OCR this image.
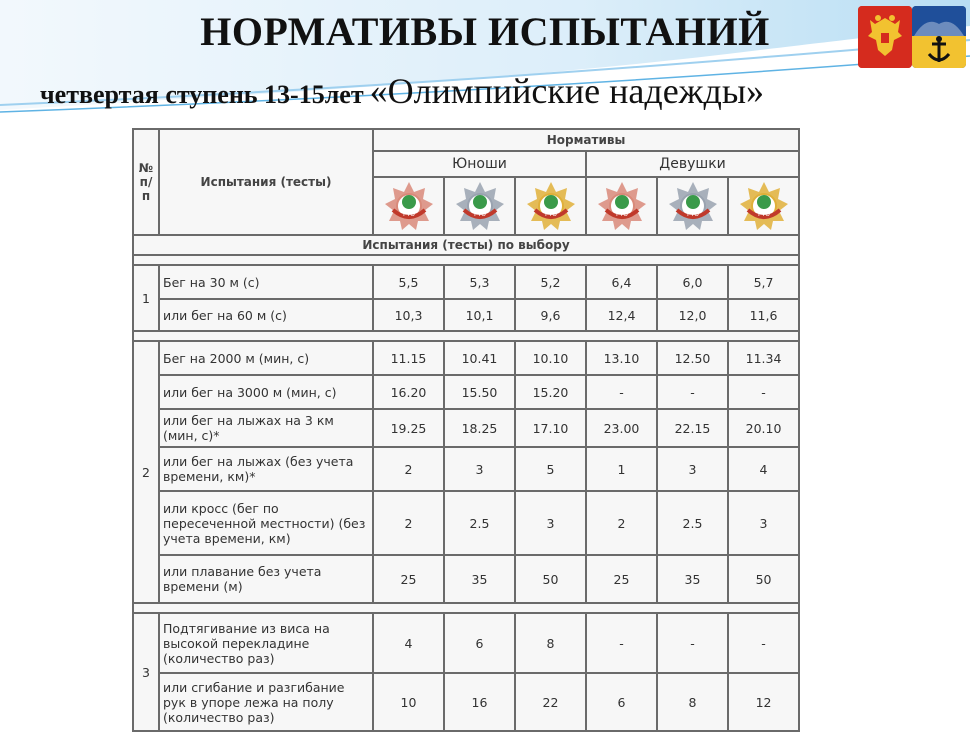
НОРМАТИВЫ ИСПЫТАНИЙ
четвертая ступень 13-15лет «Олимпийские надежды»
№ п/п	Испытания (тесты)	Нормативы					
		Юноши			Девушки		

ГТО	ГТО	ГТО	ГТО	ГТО	ГТО

Испытания (тесты) по выбору							

1	Бег на 30 м (с)	5,5	5,3	5,2	6,4	6,0	5,7
	или бег на 60 м (с)	10,3	10,1	9,6	12,4	12,0	11,6

2	Бег на 2000 м (мин, с)	11.15	10.41	10.10	13.10	12.50	11.34
	или бег на 3000 м (мин, с)	16.20	15.50	15.20	-	-	-
	или бег на лыжах на 3 км (мин, с)*	19.25	18.25	17.10	23.00	22.15	20.10
	или бег на лыжах (без учета времени, км)*	2	3	5	1	3	4
	или кросс (бег по пересеченной местности) (без учета времени, км)	2	2.5	3	2	2.5	3
	или плавание без учета времени (м)	25	35	50	25	35	50

3	Подтягивание из виса на высокой перекладине (количество раз)	4	6	8	-	-	-
	или сгибание и разгибание рук в упоре лежа на полу (количество раз)	10	16	22	6	8	12
